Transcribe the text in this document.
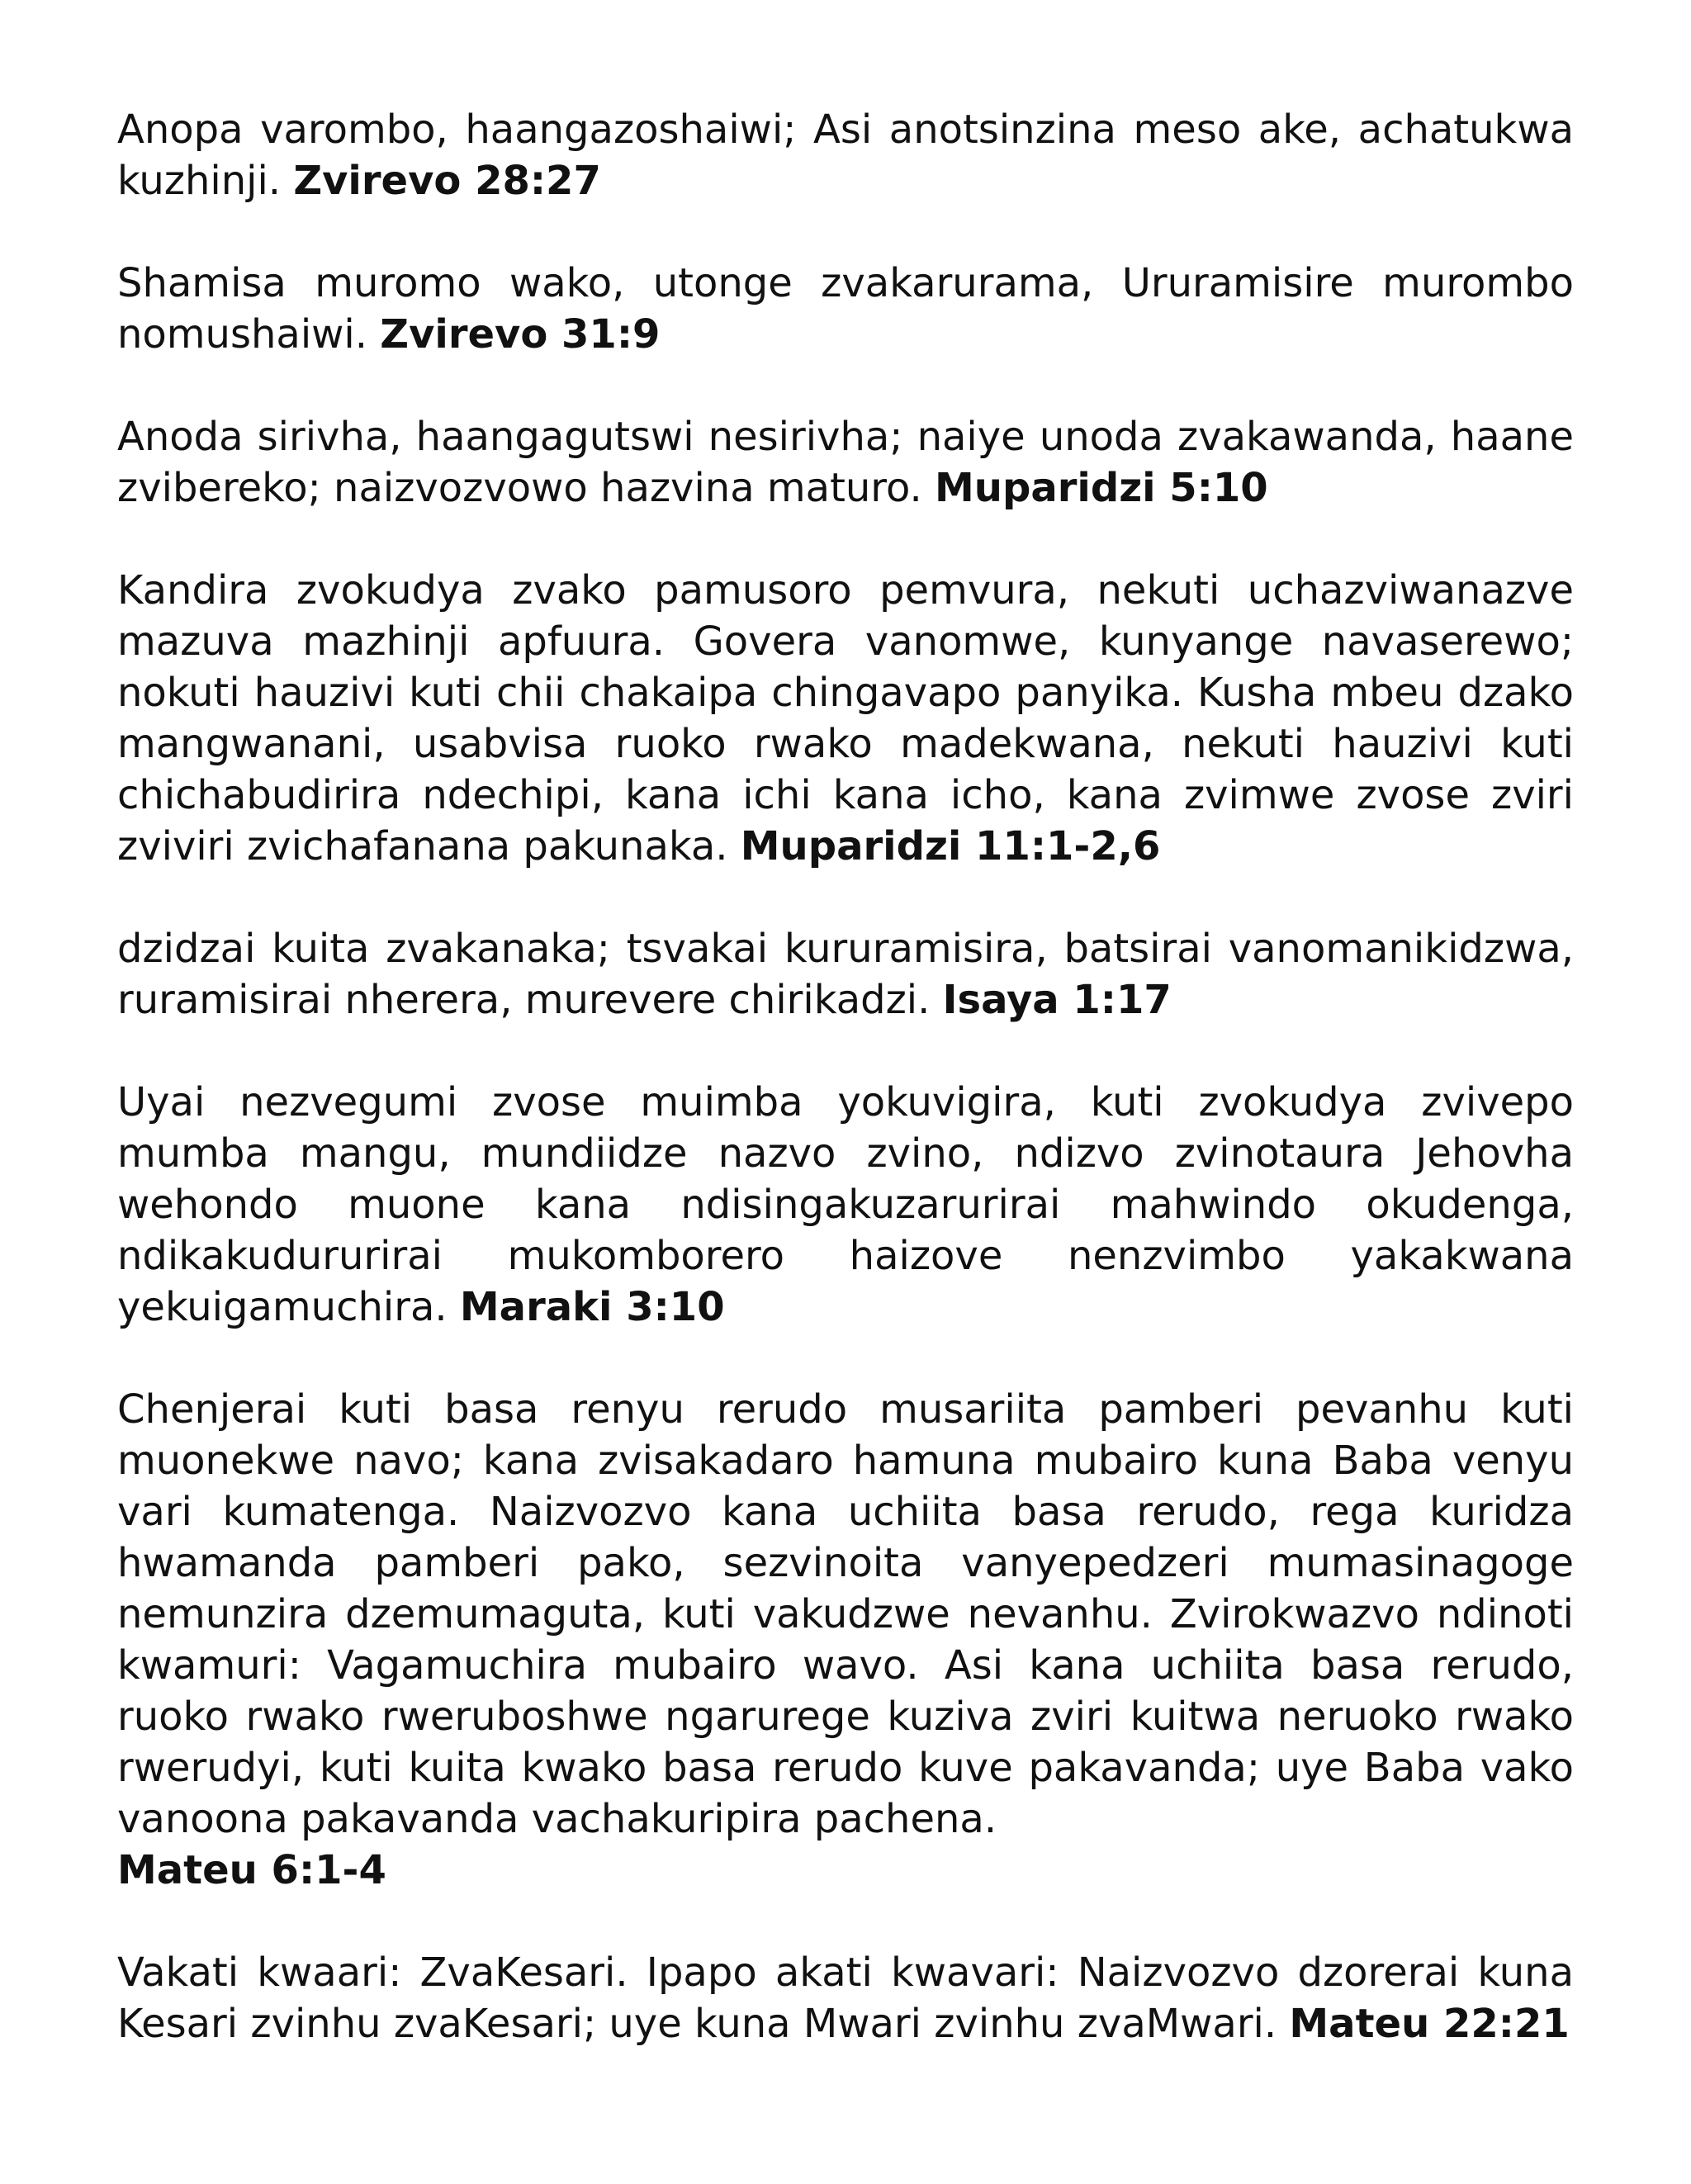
Anopa varombo, haangazoshaiwi; Asi anotsinzina meso ake, achatukwa kuzhinji. Zvirevo 28:27

Shamisa muromo wako, utonge zvakarurama, Ururamisire murombo nomushaiwi. Zvirevo 31:9

Anoda sirivha, haangagutswi nesirivha; naiye unoda zvakawanda, haane zvibereko; naizvozvowo hazvina maturo. Muparidzi 5:10

Kandira zvokudya zvako pamusoro pemvura, nekuti uchazviwanazve mazuva mazhinji apfuura. Govera vanomwe, kunyange navaserewo; nokuti hauzivi kuti chii chakaipa chingavapo panyika. Kusha mbeu dzako mangwanani, usabvisa ruoko rwako madekwana, nekuti hauzivi kuti chichabudirira ndechipi, kana ichi kana icho, kana zvimwe zvose zviri zviviri zvichafanana pakunaka. Muparidzi 11:1-2,6

dzidzai kuita zvakanaka; tsvakai kururamisira, batsirai vanomanikidzwa, ruramisirai nherera, murevere chirikadzi. Isaya 1:17

Uyai nezvegumi zvose muimba yokuvigira, kuti zvokudya zvivepo mumba mangu, mundiidze nazvo zvino, ndizvo zvinotaura Jehovha wehondo muone kana ndisingakuzarurirai mahwindo okudenga, ndikakudururirai mukomborero haizove nenzvimbo yakakwana yekuigamuchira. Maraki 3:10

Chenjerai kuti basa renyu rerudo musariita pamberi pevanhu kuti muonekwe navo; kana zvisakadaro hamuna mubairo kuna Baba venyu vari kumatenga. Naizvozvo kana uchiita basa rerudo, rega kuridza hwamanda pamberi pako, sezvinoita vanyepedzeri mumasinagoge nemunzira dzemumaguta, kuti vakudzwe nevanhu. Zvirokwazvo ndinoti kwamuri: Vagamuchira mubairo wavo. Asi kana uchiita basa rerudo, ruoko rwako rweruboshwe ngarurege kuziva zviri kuitwa neruoko rwako rwerudyi, kuti kuita kwako basa rerudo kuve pakavanda; uye Baba vako vanoona pakavanda vachakuripira pachena.
Mateu 6:1-4

Vakati kwaari: ZvaKesari. Ipapo akati kwavari: Naizvozvo dzorerai kuna Kesari zvinhu zvaKesari; uye kuna Mwari zvinhu zvaMwari. Mateu 22:21
